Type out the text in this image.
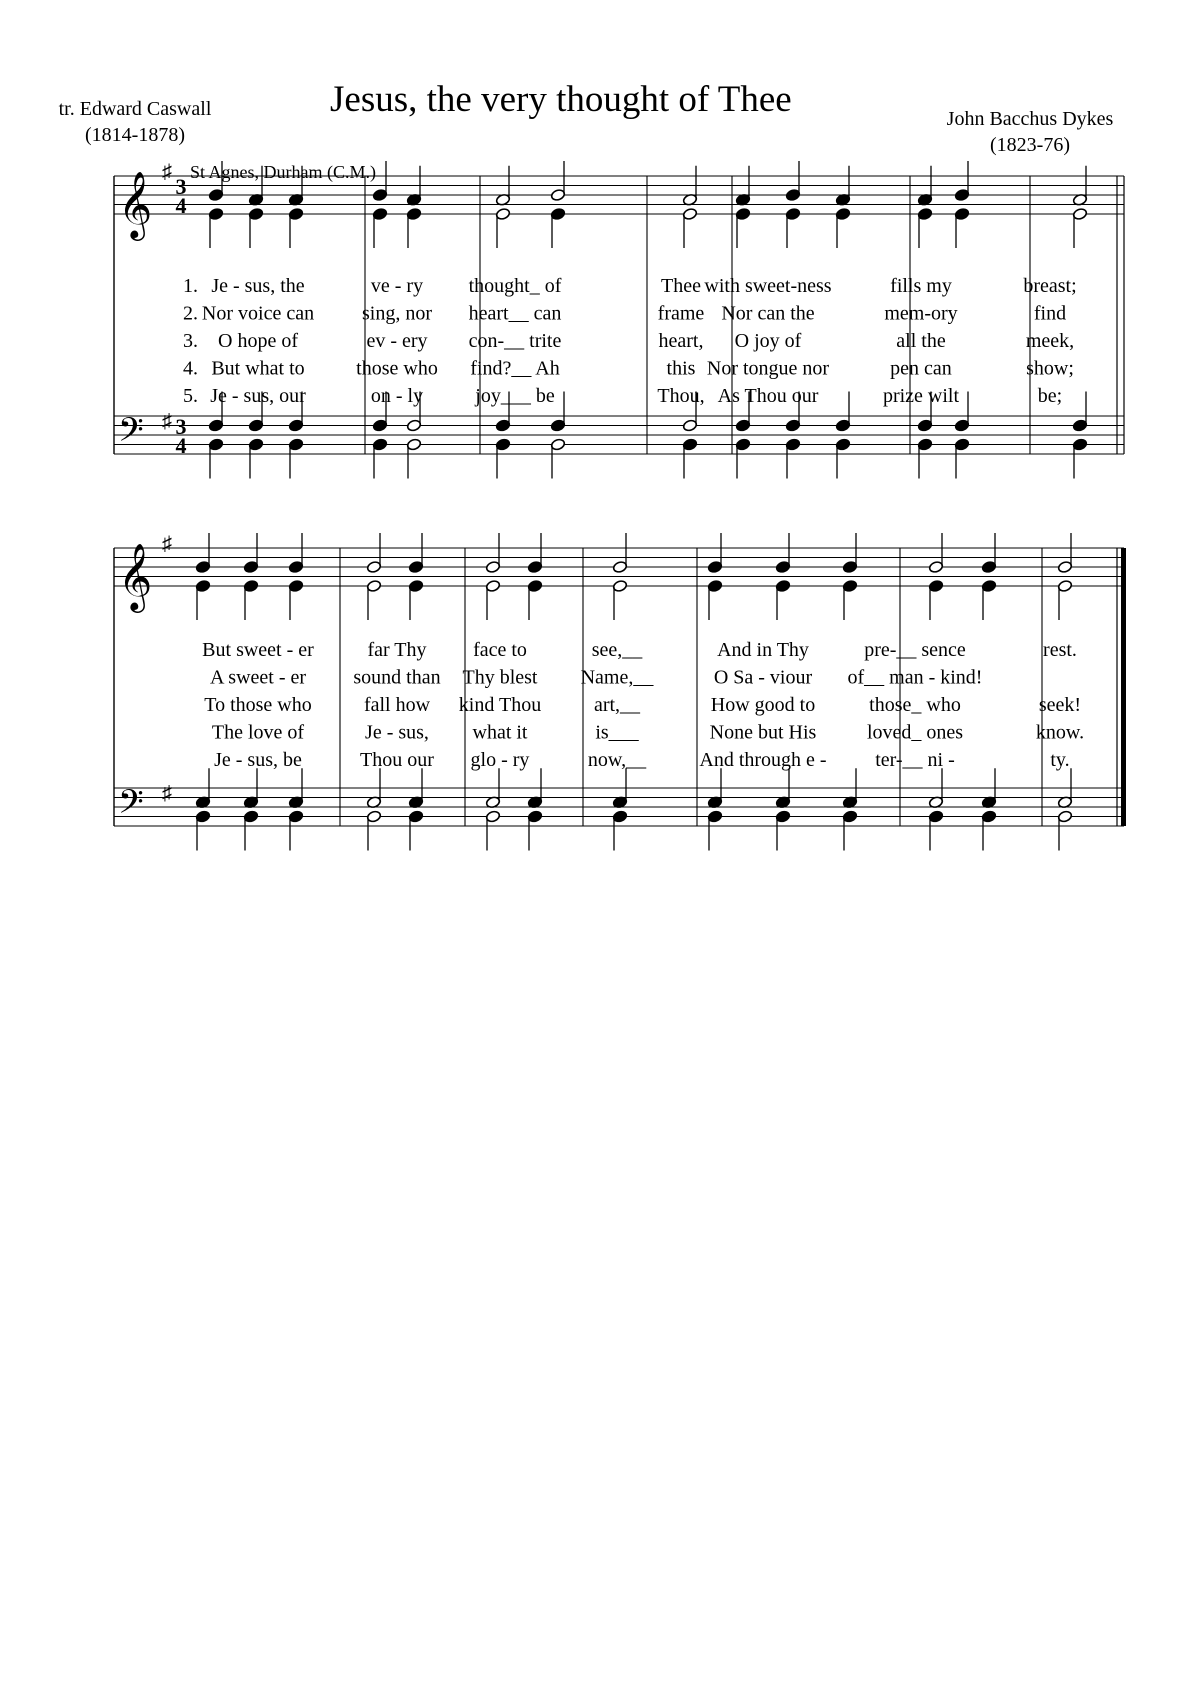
tr. Edward Caswall
(1814-1878)
Jesus, the very thought of Thee	John Bacchus Dykes
(1823-76)
St Agnes, Durham (C.M.)
𝄞 ♯
3
4
𝄢 ♯ 3
4
𝄞 ♯
𝄢 ♯
1. Je - sus, the	ve - ry thought_ of	Thee with sweet-ness	fills my	breast;
2. Nor voice can sing, nor heart__ can	frame Nor can the	mem-ory	find
3. O hope of	ev - ery con-__ trite	heart, O joy of	all the	meek,
4. But what to	those who find?__ Ah	this Nor tongue nor	pen can	show;
5. Je - sus, our	on - ly	joy___ be	Thou, As Thou our	prize wilt	be;
But sweet - er	far Thy face to	see,__	And in Thy	pre-__ sence	rest.
A sweet - er sound than Thy blest Name,__	O Sa - viour of__ man - kind!
To those who	fall how kind Thou	art,__	How good to	those_ who	seek!
The love of	Je - sus, what it	is___	None but His	loved_ ones	know.
Je - sus, be	Thou our glo - ry	now,__	And through e - ter-__ ni -	ty.
